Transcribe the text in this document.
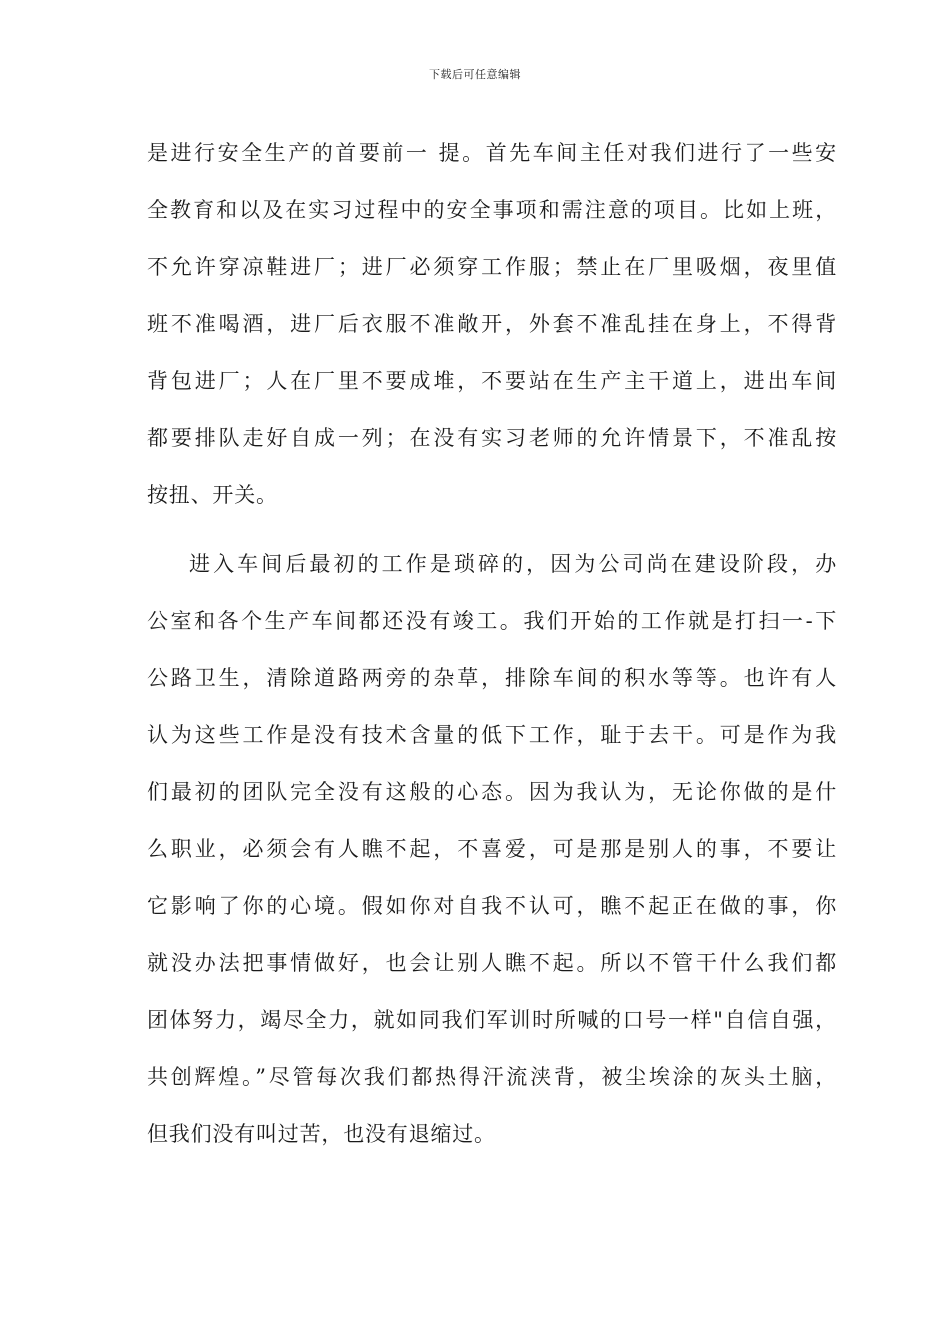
下载后可任意编辑
是进行安全生产的首要前一 提。首先车间主任对我们进行了一些安
全教育和以及在实习过程中的安全事项和需注意的项目。比如上班，
不允许穿凉鞋进厂；进厂必须穿工作服；禁止在厂里吸烟，夜里值
班不准喝酒，进厂后衣服不准敞开，外套不准乱挂在身上，不得背
背包进厂；人在厂里不要成堆，不要站在生产主干道上，进出车间
都要排队走好自成一列；在没有实习老师的允许情景下，不准乱按
按扭、开关。
进入车间后最初的工作是琐碎的，因为公司尚在建设阶段，办
公室和各个生产车间都还没有竣工。我们开始的工作就是打扫一-下
公路卫生，清除道路两旁的杂草，排除车间的积水等等。也许有人
认为这些工作是没有技术含量的低下工作，耻于去干。可是作为我
们最初的团队完全没有这般的心态。因为我认为，无论你做的是什
么职业，必须会有人瞧不起，不喜爱，可是那是别人的事，不要让
它影响了你的心境。假如你对自我不认可，瞧不起正在做的事，你
就没办法把事情做好，也会让别人瞧不起。所以不管干什么我们都
团体努力，竭尽全力，就如同我们军训时所喊的口号一样"自信自强，
共创辉煌。”尽管每次我们都热得汗流浃背，被尘埃涂的灰头土脑，
但我们没有叫过苦，也没有退缩过。
